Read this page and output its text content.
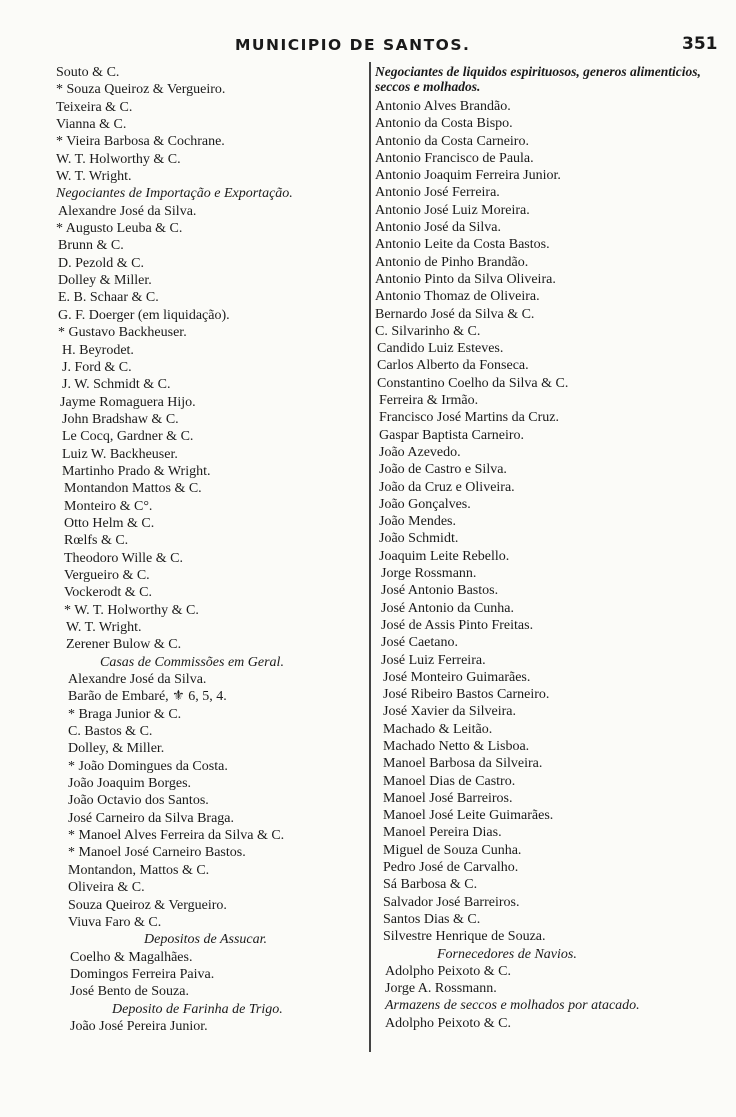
MUNICIPIO DE SANTOS.	351
Souto & C.
* Souza Queiroz & Vergueiro.
Teixeira & C.
Vianna & C.
* Vieira Barbosa & Cochrane.
W. T. Holworthy & C.
W. T. Wright.
Negociantes de Importação e Exportação.
Alexandre José da Silva.
* Augusto Leuba & C.
Brunn & C.
D. Pezold & C.
Dolley & Miller.
E. B. Schaar & C.
G. F. Doerger (em liquidação).
* Gustavo Backheuser.
H. Beyrodet.
J. Ford & C.
J. W. Schmidt & C.
Jayme Romaguera Hijo.
John Bradshaw & C.
Le Cocq, Gardner & C.
Luiz W. Backheuser.
Martinho Prado & Wright.
Montandon Mattos & C.
Monteiro & C°.
Otto Helm & C.
Rœlfs & C.
Theodoro Wille & C.
Vergueiro & C.
Vockerodt & C.
* W. T. Holworthy & C.
W. T. Wright.
Zerener Bulow & C.
Casas de Commissões em Geral.
Alexandre José da Silva.
Barão de Embaré, ⚜ 6, 5, 4.
* Braga Junior & C.
C. Bastos & C.
Dolley, & Miller.
* João Domingues da Costa.
João Joaquim Borges.
João Octavio dos Santos.
José Carneiro da Silva Braga.
* Manoel Alves Ferreira da Silva & C.
* Manoel José Carneiro Bastos.
Montandon, Mattos & C.
Oliveira & C.
Souza Queiroz & Vergueiro.
Viuva Faro & C.
Depositos de Assucar.
Coelho & Magalhães.
Domingos Ferreira Paiva.
José Bento de Souza.
Deposito de Farinha de Trigo.
João José Pereira Junior.
Negociantes de liquidos espirituosos, generos alimenticios, seccos e molhados.
Antonio Alves Brandão.
Antonio da Costa Bispo.
Antonio da Costa Carneiro.
Antonio Francisco de Paula.
Antonio Joaquim Ferreira Junior.
Antonio José Ferreira.
Antonio José Luiz Moreira.
Antonio José da Silva.
Antonio Leite da Costa Bastos.
Antonio de Pinho Brandão.
Antonio Pinto da Silva Oliveira.
Antonio Thomaz de Oliveira.
Bernardo José da Silva & C.
C. Silvarinho & C.
Candido Luiz Esteves.
Carlos Alberto da Fonseca.
Constantino Coelho da Silva & C.
Ferreira & Irmão.
Francisco José Martins da Cruz.
Gaspar Baptista Carneiro.
João Azevedo.
João de Castro e Silva.
João da Cruz e Oliveira.
João Gonçalves.
João Mendes.
João Schmidt.
Joaquim Leite Rebello.
Jorge Rossmann.
José Antonio Bastos.
José Antonio da Cunha.
José de Assis Pinto Freitas.
José Caetano.
José Luiz Ferreira.
José Monteiro Guimarães.
José Ribeiro Bastos Carneiro.
José Xavier da Silveira.
Machado & Leitão.
Machado Netto & Lisboa.
Manoel Barbosa da Silveira.
Manoel Dias de Castro.
Manoel José Barreiros.
Manoel José Leite Guimarães.
Manoel Pereira Dias.
Miguel de Souza Cunha.
Pedro José de Carvalho.
Sá Barbosa & C.
Salvador José Barreiros.
Santos Dias & C.
Silvestre Henrique de Souza.
Fornecedores de Navios.
Adolpho Peixoto & C.
Jorge A. Rossmann.
Armazens de seccos e molhados por atacado.
Adolpho Peixoto & C.
